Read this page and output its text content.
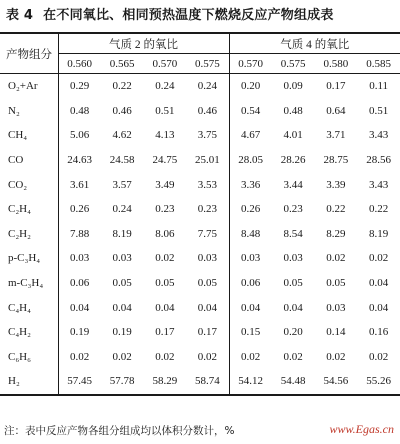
表 4 在不同氧比、相同预热温度下燃烧反应产物组成表
产物组分	气质 2 的氧比				气质 4 的氧比			
	0.560	0.565	0.570	0.575	0.570	0.575	0.580	0.585
O₂+Ar	0.29	0.22	0.24	0.24	0.20	0.09	0.17	0.11
N₂	0.48	0.46	0.51	0.46	0.54	0.48	0.64	0.51
CH₄	5.06	4.62	4.13	3.75	4.67	4.01	3.71	3.43
CO	24.63	24.58	24.75	25.01	28.05	28.26	28.75	28.56
CO₂	3.61	3.57	3.49	3.53	3.36	3.44	3.39	3.43
C₂H₄	0.26	0.24	0.23	0.23	0.26	0.23	0.22	0.22
C₂H₂	7.88	8.19	8.06	7.75	8.48	8.54	8.29	8.19
p-C₃H₄	0.03	0.03	0.02	0.03	0.03	0.03	0.02	0.02
m-C₃H₄	0.06	0.05	0.05	0.05	0.06	0.05	0.05	0.04
C₄H₄	0.04	0.04	0.04	0.04	0.04	0.04	0.03	0.04
C₄H₂	0.19	0.19	0.17	0.17	0.15	0.20	0.14	0.16
C₆H₆	0.02	0.02	0.02	0.02	0.02	0.02	0.02	0.02
H₂	57.45	57.78	58.29	58.74	54.12	54.48	54.56	55.26
注：表中反应产物各组分组成均以体积分数计，%	www.Egas.cn
